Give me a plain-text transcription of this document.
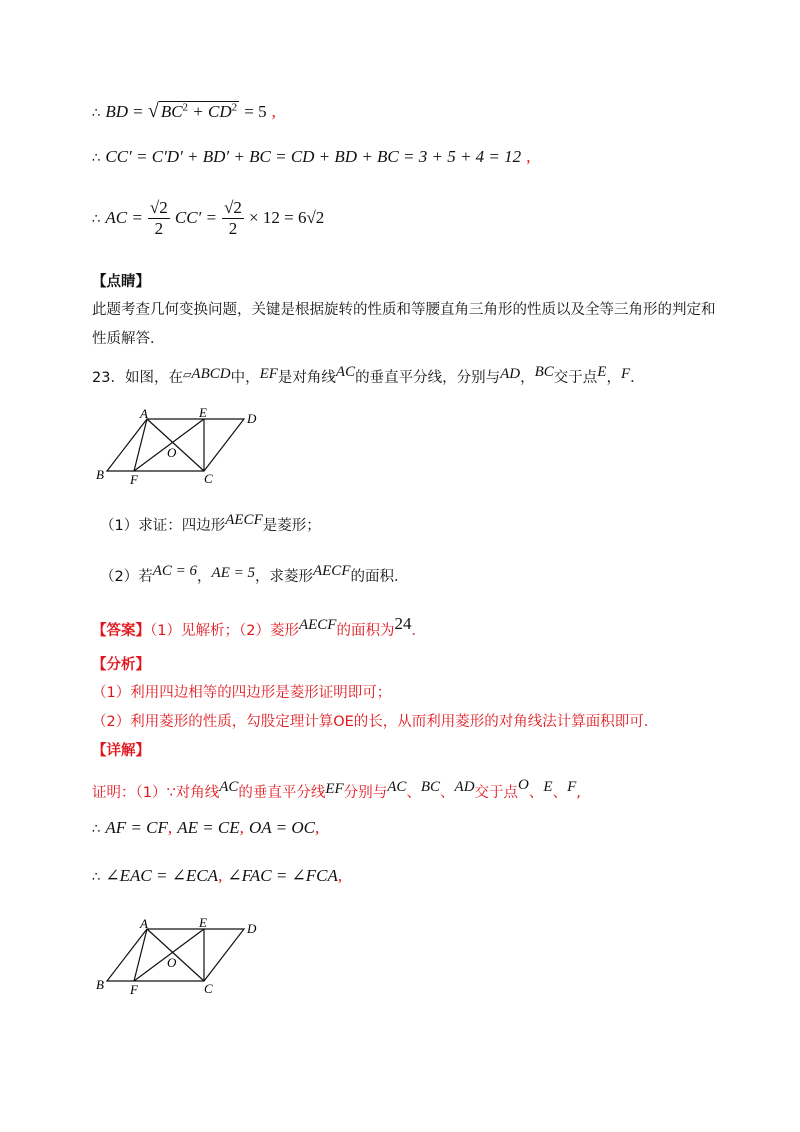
∴ BD = √ $BC^2 + CD^2 = 5$ ,
∴ CC′ = C′D′ + BD′ + BC = CD + BD + BC = 3 + 5 + 4 = 12 ,
∴ AC = $\frac{√2}{2} CC' = \frac{√2}{2} \times 12 = 6√2$
【点睛】
此题考查几何变换问题，关键是根据旋转的性质和等腰直角三角形的性质以及全等三角形的判定和
性质解答．
23．如图，在▱ABCD中，EF是对角线AC的垂直平分线，分别与AD，BC交于点E，F．
A	E	D
O
B F	C
（1）求证：四边形AECF是菱形；
（2）若AC = 6，AE = 5，求菱形AECF的面积．
【答案】（1）见解析；（2）菱形AECF的面积为24．
【分析】
（1）利用四边相等的四边形是菱形证明即可；
（2）利用菱形的性质，勾股定理计算OE的长，从而利用菱形的对角线法计算面积即可．
【详解】
证明：（1）∵对角线AC的垂直平分线EF分别与AC、BC、AD交于点O、E、F,
∴ AF = CF, AE = CE, OA = OC,
∴ ∠EAC = ∠ECA, ∠FAC = ∠FCA,
A	E	D
O
B F	C
